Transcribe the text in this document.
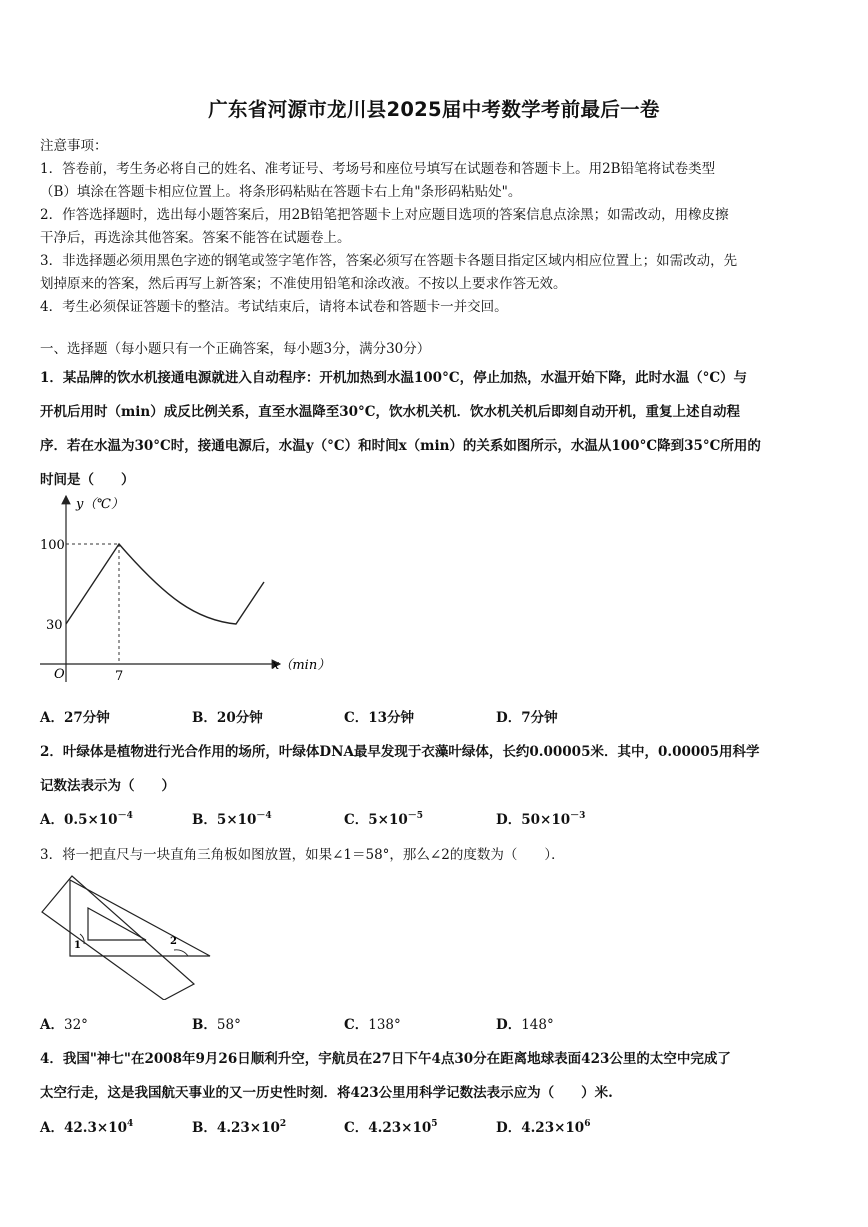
广东省河源市龙川县2025届中考数学考前最后一卷
注意事项：
1．答卷前，考生务必将自己的姓名、准考证号、考场号和座位号填写在试题卷和答题卡上。用2B铅笔将试卷类型
（B）填涂在答题卡相应位置上。将条形码粘贴在答题卡右上角"条形码粘贴处"。
2．作答选择题时，选出每小题答案后，用2B铅笔把答题卡上对应题目选项的答案信息点涂黑；如需改动，用橡皮擦
干净后，再选涂其他答案。答案不能答在试题卷上。
3．非选择题必须用黑色字迹的钢笔或签字笔作答，答案必须写在答题卡各题目指定区域内相应位置上；如需改动，先
划掉原来的答案，然后再写上新答案；不准使用铅笔和涂改液。不按以上要求作答无效。
4．考生必须保证答题卡的整洁。考试结束后，请将本试卷和答题卡一并交回。
一、选择题（每小题只有一个正确答案，每小题3分，满分30分）
1．某品牌的饮水机接通电源就进入自动程序：开机加热到水温100°C，停止加热，水温开始下降，此时水温（°C）与
开机后用时（min）成反比例关系，直至水温降至30°C，饮水机关机．饮水机关机后即刻自动开机，重复上述自动程
序．若在水温为30°C时，接通电源后，水温y（°C）和时间x（min）的关系如图所示，水温从100°C降到35°C所用的
时间是（　　）
y（℃）
x（min）
O
100
30
7
A．27分钟	B．20分钟	C．13分钟	D．7分钟
2．叶绿体是植物进行光合作用的场所，叶绿体DNA最早发现于衣藻叶绿体，长约0.00005米．其中，0.00005用科学
记数法表示为（　　）
A．$0.5\times 10^{-4}$	B．$5\times 10^{-4}$	C．$5\times 10^{-5}$	D．$50\times 10^{-3}$
3．将一把直尺与一块直角三角板如图放置，如果∠1＝58°，那么∠2的度数为（　　）．
1	2
A．32°	B．58°	C．138°	D．148°
4．我国"神七"在2008年9月26日顺利升空，宇航员在27日下午4点30分在距离地球表面423公里的太空中完成了
太空行走，这是我国航天事业的又一历史性时刻．将423公里用科学记数法表示应为（　　）米.
A．$42.3\times 10^4$	B．$4.23\times 10^2$	C．$4.23\times 10^5$	D．$4.23\times 10^6$
